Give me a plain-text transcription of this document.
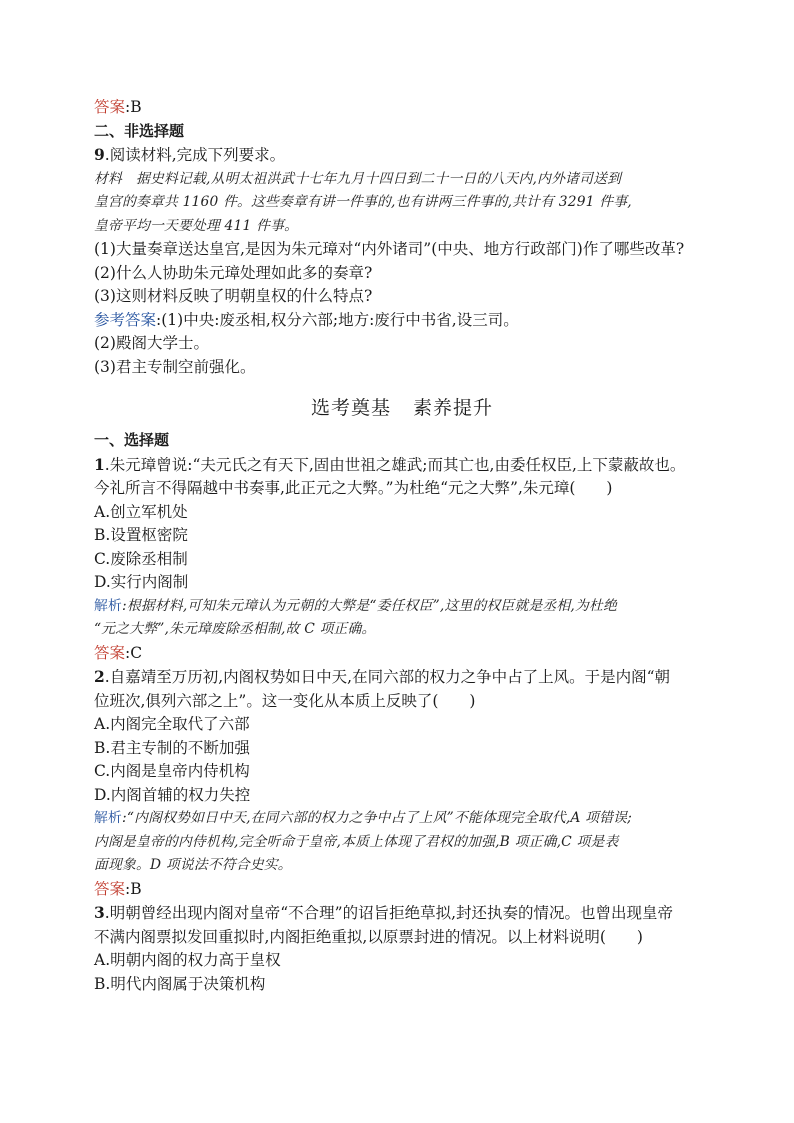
答案:B
二、非选择题
9.阅读材料,完成下列要求。
材料 据史料记载,从明太祖洪武十七年九月十四日到二十一日的八天内,内外诸司送到
皇宫的奏章共 1160 件。这些奏章有讲一件事的,也有讲两三件事的,共计有 3291 件事,
皇帝平均一天要处理 411 件事。
(1)大量奏章送达皇宫,是因为朱元璋对“内外诸司”(中央、地方行政部门)作了哪些改革?
(2)什么人协助朱元璋处理如此多的奏章?
(3)这则材料反映了明朝皇权的什么特点?
参考答案:(1)中央:废丞相,权分六部;地方:废行中书省,设三司。
(2)殿阁大学士。
(3)君主专制空前强化。
选考奠基 素养提升
一、选择题
1.朱元璋曾说:“夫元氏之有天下,固由世祖之雄武;而其亡也,由委任权臣,上下蒙蔽故也。
今礼所言不得隔越中书奏事,此正元之大弊。”为杜绝“元之大弊”,朱元璋(　　)
A.创立军机处
B.设置枢密院
C.废除丞相制
D.实行内阁制
解析:根据材料,可知朱元璋认为元朝的大弊是“委任权臣”,这里的权臣就是丞相,为杜绝
“元之大弊”,朱元璋废除丞相制,故 C 项正确。
答案:C
2.自嘉靖至万历初,内阁权势如日中天,在同六部的权力之争中占了上风。于是内阁“朝
位班次,俱列六部之上”。这一变化从本质上反映了(　　)
A.内阁完全取代了六部
B.君主专制的不断加强
C.内阁是皇帝内侍机构
D.内阁首辅的权力失控
解析:“内阁权势如日中天,在同六部的权力之争中占了上风”不能体现完全取代,A 项错误;
内阁是皇帝的内侍机构,完全听命于皇帝,本质上体现了君权的加强,B 项正确,C 项是表
面现象。D 项说法不符合史实。
答案:B
3.明朝曾经出现内阁对皇帝“不合理”的诏旨拒绝草拟,封还执奏的情况。也曾出现皇帝
不满内阁票拟发回重拟时,内阁拒绝重拟,以原票封进的情况。以上材料说明(　　)
A.明朝内阁的权力高于皇权
B.明代内阁属于决策机构
